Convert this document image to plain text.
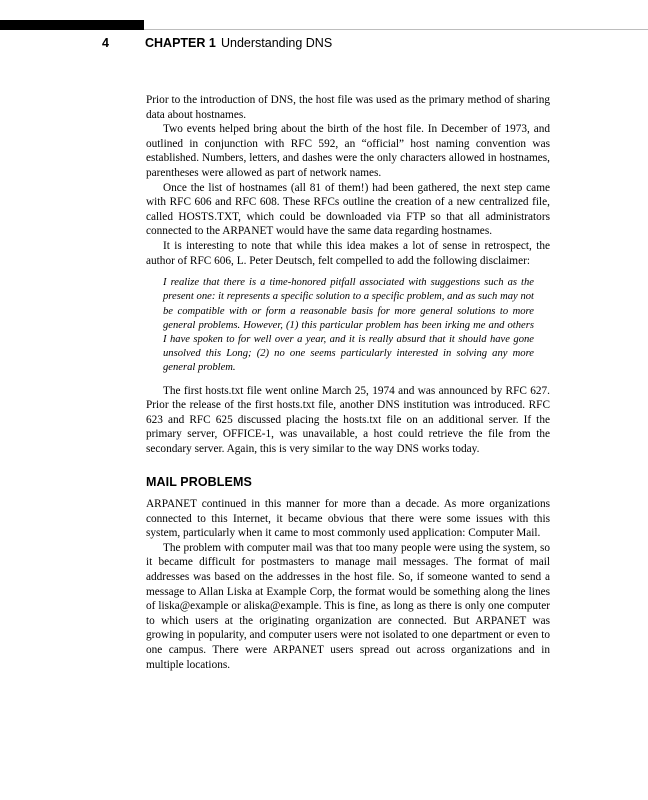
4	CHAPTER 1 Understanding DNS

Prior to the introduction of DNS, the host file was used as the primary method of sharing data about hostnames.

Two events helped bring about the birth of the host file. In December of 1973, and outlined in conjunction with RFC 592, an “official” host naming convention was established. Numbers, letters, and dashes were the only characters allowed in hostnames, parentheses were allowed as part of network names.

Once the list of hostnames (all 81 of them!) had been gathered, the next step came with RFC 606 and RFC 608. These RFCs outline the creation of a new centralized file, called HOSTS.TXT, which could be downloaded via FTP so that all administrators connected to the ARPANET would have the same data regarding hostnames.

It is interesting to note that while this idea makes a lot of sense in retrospect, the author of RFC 606, L. Peter Deutsch, felt compelled to add the following disclaimer:

I realize that there is a time-honored pitfall associated with suggestions such as the present one: it represents a specific solution to a specific problem, and as such may not be compatible with or form a reasonable basis for more general solutions to more general problems. However, (1) this particular problem has been irking me and others I have spoken to for well over a year, and it is really absurd that it should have gone unsolved this Long; (2) no one seems particularly interested in solving any more general problem.

The first hosts.txt file went online March 25, 1974 and was announced by RFC 627. Prior the release of the first hosts.txt file, another DNS institution was introduced. RFC 623 and RFC 625 discussed placing the hosts.txt file on an additional server. If the primary server, OFFICE-1, was unavailable, a host could retrieve the file from the secondary server. Again, this is very similar to the way DNS works today.

MAIL PROBLEMS

ARPANET continued in this manner for more than a decade. As more organizations connected to this Internet, it became obvious that there were some issues with this system, particularly when it came to most commonly used application: Computer Mail.

The problem with computer mail was that too many people were using the system, so it became difficult for postmasters to manage mail messages. The format of mail addresses was based on the addresses in the host file. So, if someone wanted to send a message to Allan Liska at Example Corp, the format would be something along the lines of liska@example or aliska@example. This is fine, as long as there is only one computer to which users at the originating organization are connected. But ARPANET was growing in popularity, and computer users were not isolated to one department or even to one campus. There were ARPANET users spread out across organizations and in multiple locations.
